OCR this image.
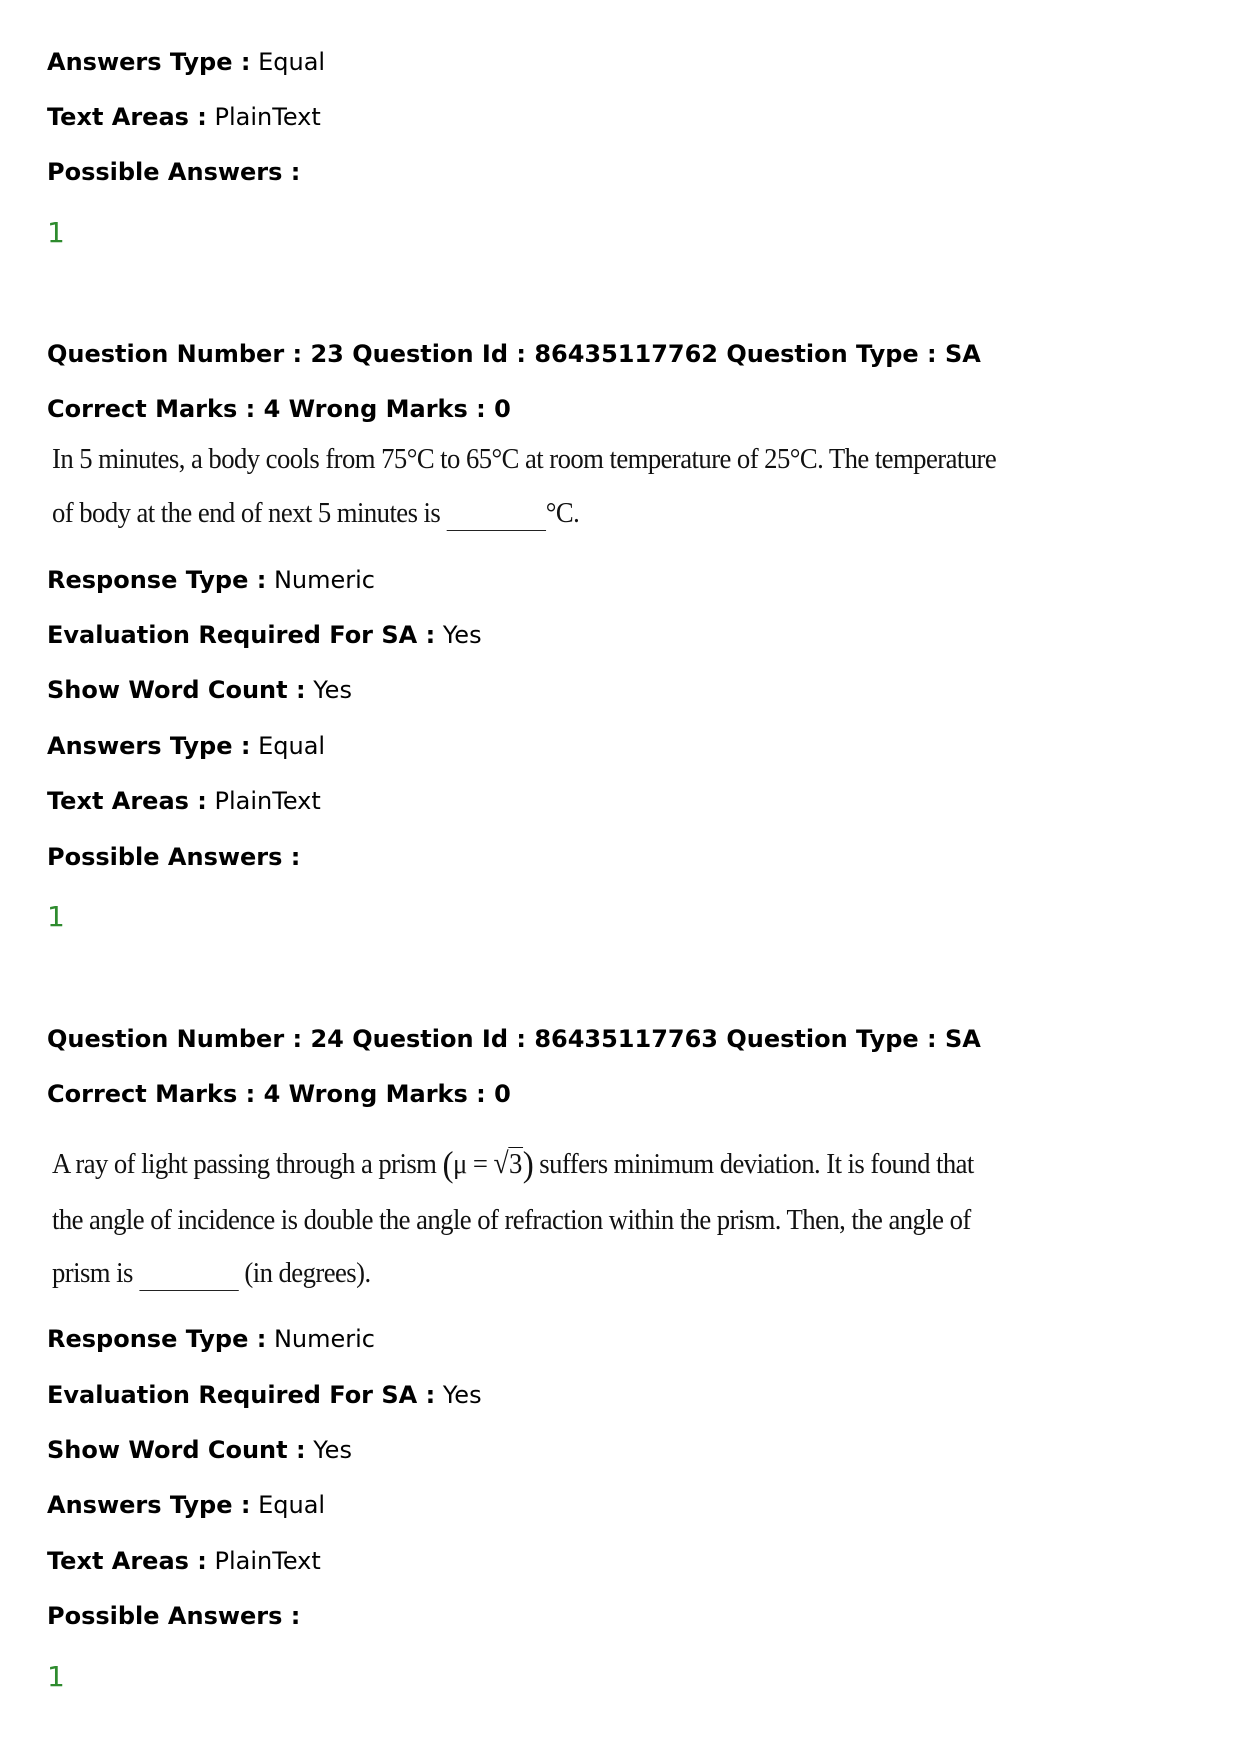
Answers Type : Equal
Text Areas : PlainText
Possible Answers :
1
Question Number : 23 Question Id : 86435117762 Question Type : SA
Correct Marks : 4 Wrong Marks : 0
In 5 minutes, a body cools from 75°C to 65°C at room temperature of 25°C. The temperature
of body at the end of next 5 minutes is	°C.
Response Type : Numeric
Evaluation Required For SA : Yes
Show Word Count : Yes
Answers Type : Equal
Text Areas : PlainText
Possible Answers :
1
Question Number : 24 Question Id : 86435117763 Question Type : SA
Correct Marks : 4 Wrong Marks : 0
A ray of light passing through a prism (μ = √3) suffers minimum deviation. It is found that
the angle of incidence is double the angle of refraction within the prism. Then, the angle of
prism is	(in degrees).
Response Type : Numeric
Evaluation Required For SA : Yes
Show Word Count : Yes
Answers Type : Equal
Text Areas : PlainText
Possible Answers :
1
